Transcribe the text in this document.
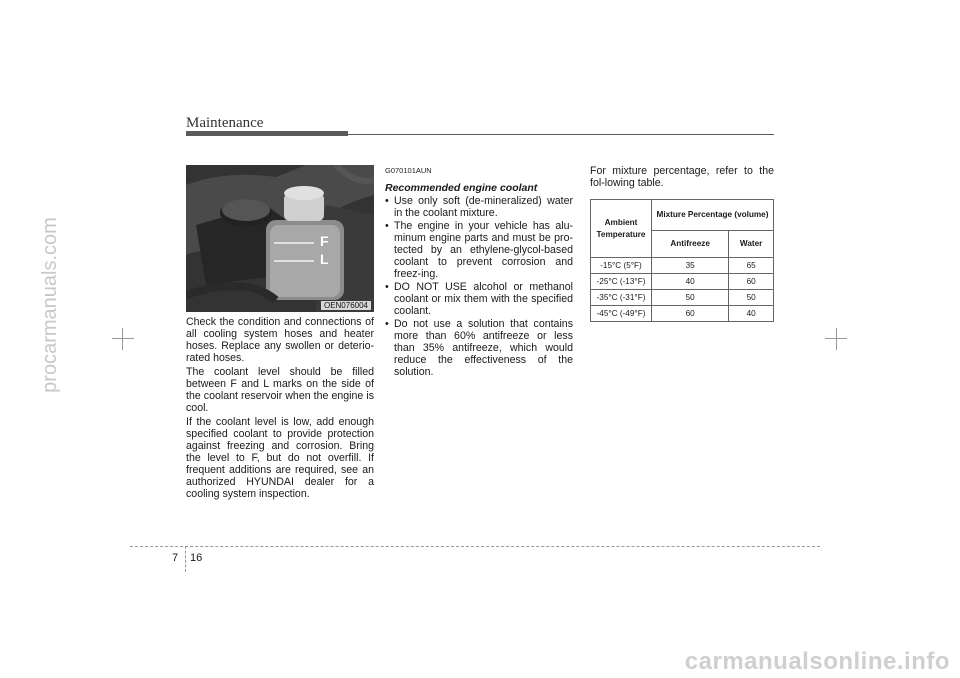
procarmanuals.com
Maintenance
F
L
OEN076004

Check the condition and connections of all cooling system hoses and heater hoses. Replace any swollen or deterio-rated hoses.

The coolant level should be filled between F and L marks on the side of the coolant reservoir when the engine is cool.

If the coolant level is low, add enough specified coolant to provide protection against freezing and corrosion. Bring the level to F, but do not overfill. If frequent additions are required, see an authorized HYUNDAI dealer for a cooling system inspection.

G070101AUN
Recommended engine coolant
• Use only soft (de-mineralized) water in the coolant mixture.
• The engine in your vehicle has alu-minum engine parts and must be pro-tected by an ethylene-glycol-based coolant to prevent corrosion and freez-ing.
• DO NOT USE alcohol or methanol coolant or mix them with the specified coolant.
• Do not use a solution that contains more than 60% antifreeze or less than 35% antifreeze, which would reduce the effectiveness of the solution.

For mixture percentage, refer to the fol-lowing table.

Ambient Temperature	Mixture Percentage (volume)	
	Antifreeze	Water
-15°C (5°F)	35	65
-25°C (-13°F)	40	60
-35°C (-31°F)	50	50
-45°C (-49°F)	60	40
7 16
carmanualsonline.info
